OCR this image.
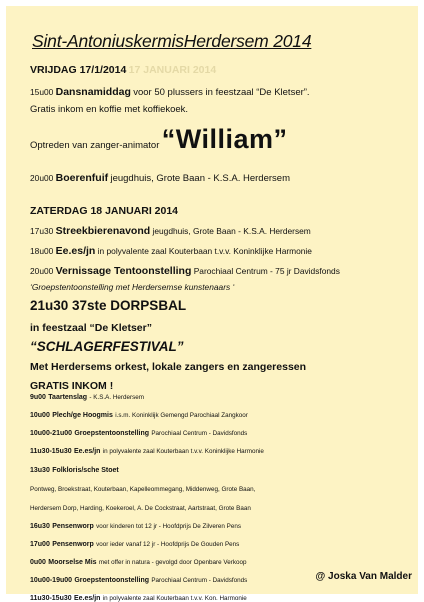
Sint-AntoniuskermisHerdersem 2014
VRIJDAG 17/1/2014 17 JANUARI 2014
15u00 Dansnamiddag voor 50 plussers in feestzaal “De Kletser”.
Gratis inkom en koffie met koffiekoek.
Optreden van zanger-animator “William”
20u00 Boerenfuif jeugdhuis, Grote Baan - K.S.A. Herdersem
ZATERDAG 18 JANUARI 2014
17u30 Streekbierenavond jeugdhuis, Grote Baan - K.S.A. Herdersem
18u00 Ee.es/jn in polyvalente zaal Kouterbaan t.v.v. Koninklijke Harmonie
20u00 Vernissage Tentoonstelling Parochiaal Centrum - 75 jr Davidsfonds
‘Groepstentoonstelling met Herdersemse kunstenaars ‘
21u30 37ste DORPSBAL
in feestzaal “De Kletser”
“SCHLAGERFESTIVAL”
Met Herdersems orkest, lokale zangers en zangeressen
GRATIS INKOM !
9u00 Taartenslag - K.S.A. Herdersem
10u00 Plech/ge Hoogmis i.s.m. Koninklijk Gemengd Parochiaal Zangkoor
10u00-21u00 Groepstentoonstelling Parochiaal Centrum - Davidsfonds
11u30-15u30 Ee.es/jn in polyvalente zaal Kouterbaan t.v.v. Koninklijke Harmonie
13u30 Folkloris/sche Stoet
Pontweg, Broekstraat, Kouterbaan, Kapelleommegang, Middenweg, Grote Baan,
Herdersem Dorp, Harding, Koekeroel, A. De Cockstraat, Aartstraat, Grote Baan
16u30 Pensenworp voor kinderen tot 12 jr - Hoofdprijs De Zilveren Pens
17u00 Pensenworp voor ieder vanaf 12 jr - Hoofdprijs De Gouden Pens
0u00 Moorselse Mis met offer in natura - gevolgd door Openbare Verkoop
10u00-19u00 Groepstentoonstelling Parochiaal Centrum - Davidsfonds
11u30-15u30 Ee.es/jn in polyvalente zaal Kouterbaan t.v.v. Kon. Harmonie
@ Joska Van Malder
